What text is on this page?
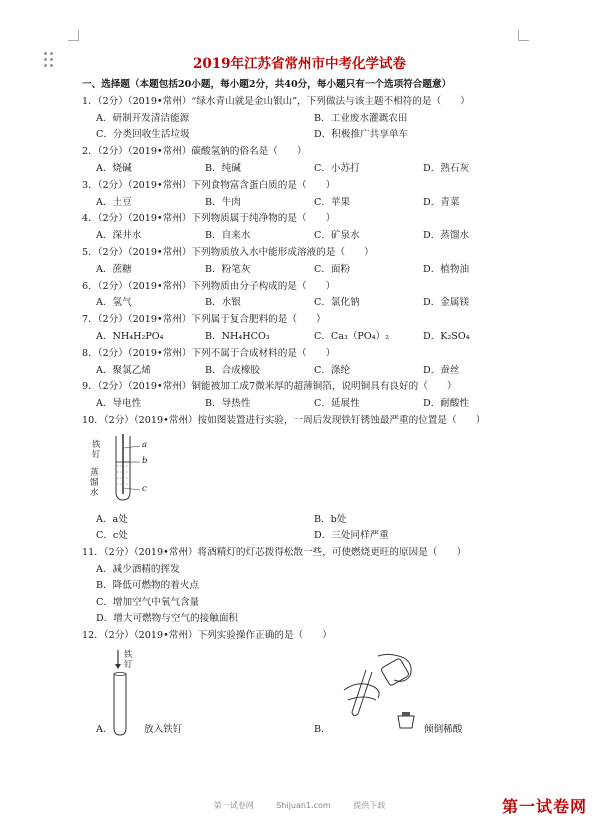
2019年江苏省常州市中考化学试卷
一、选择题（本题包括20小题，每小题2分，共40分，每小题只有一个选项符合题意）
1．（2分）（2019•常州）“绿水青山就是金山银山”，下列做法与该主题不相符的是（　　）
A．研制开发清洁能源	B．工业废水灌溉农田
C．分类回收生活垃圾	D．积极推广共享单车
2．（2分）（2019•常州）碳酸氢钠的俗名是（　　）
A．烧碱	B．纯碱	C．小苏打	D．熟石灰
3．（2分）（2019•常州）下列食物富含蛋白质的是（　　）
A．土豆	B．牛肉	C．苹果	D．青菜
4．（2分）（2019•常州）下列物质属于纯净物的是（　　）
A．深井水	B．自来水	C．矿泉水	D．蒸馏水
5．（2分）（2019•常州）下列物质放入水中能形成溶液的是（　　）
A．蔗糖	B．粉笔灰	C．面粉	D．植物油
6．（2分）（2019•常州）下列物质由分子构成的是（　　）
A．氢气	B．水银	C．氯化钠	D．金属镁
7．（2分）（2019•常州）下列属于复合肥料的是（　　）
A．NH₄H₂PO₄	B．NH₄HCO₃	C．Ca₃（PO₄）₂	D．K₂SO₄
8．（2分）（2019•常州）下列不属于合成材料的是（　　）
A．聚氯乙烯	B．合成橡胶	C．涤纶	D．蚕丝
9．（2分）（2019•常州）铜能被加工成7微米厚的超薄铜箔，说明铜具有良好的（　　）
A．导电性	B．导热性	C．延展性	D．耐酸性
10．（2分）（2019•常州）按如图装置进行实验，一周后发现铁钉锈蚀最严重的位置是（　　）
铁钉
蒸馏水
a
b
c
A．a处	B．b处
C．c处	D．三处同样严重
11．（2分）（2019•常州）将酒精灯的灯芯拨得松散一些，可使燃烧更旺的原因是（　　）
A．减少酒精的挥发
B．降低可燃物的着火点
C．增加空气中氧气含量
D．增大可燃物与空气的接触面积
12．（2分）（2019•常州）下列实验操作正确的是（　　）
铁钉
A．	放入铁钉	B．	倾倒稀酸
第一试卷网	Shijuan1.com	提供下载	第一试卷网
